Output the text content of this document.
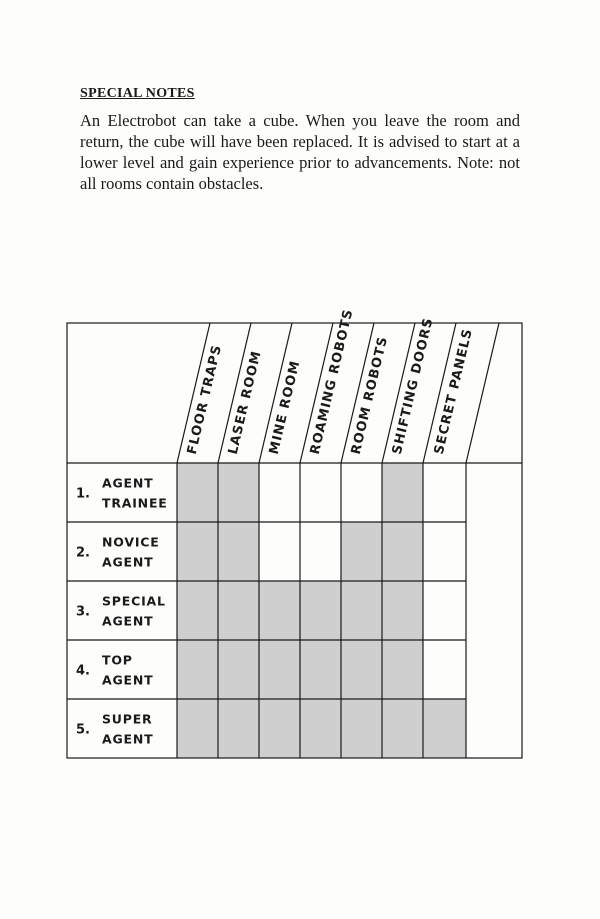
SPECIAL NOTES

An Electrobot can take a cube. When you leave the room and return, the cube will have been replaced. It is advised to start at a lower level and gain experience prior to advancements. Note: not all rooms contain obstacles.

FLOOR TRAPS LASER ROOM MINE ROOM ROAMING ROBOTS
ROOM ROBOTS
SHIFTING DOORS
SECRET PANELS
1.
AGENT
TRAINEE
2.
NOVICE
AGENT
3.
SPECIAL
AGENT
4.
TOP
AGENT
5.
SUPER
AGENT
